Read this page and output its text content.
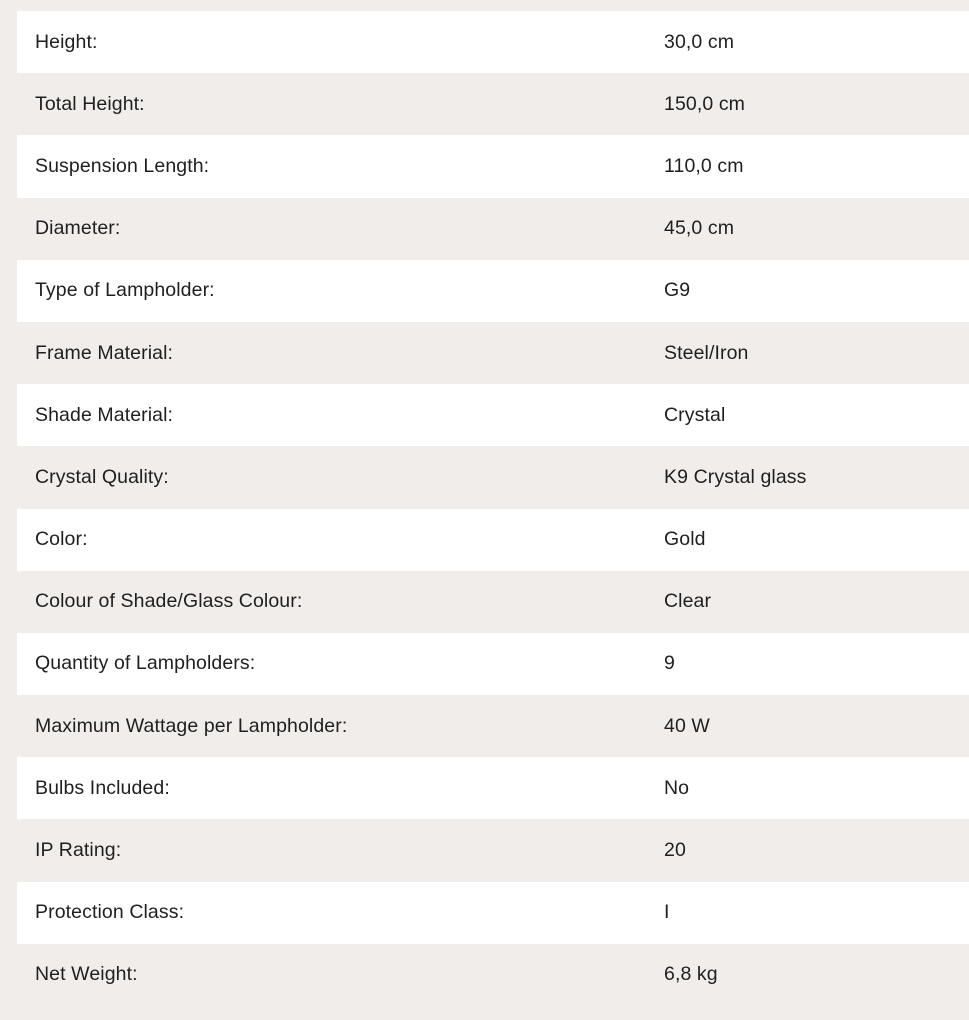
Height:	30,0 cm
Total Height:	150,0 cm
Suspension Length:	110,0 cm
Diameter:	45,0 cm
Type of Lampholder:	G9
Frame Material:	Steel/Iron
Shade Material:	Crystal
Crystal Quality:	K9 Crystal glass
Color:	Gold
Colour of Shade/Glass Colour:	Clear
Quantity of Lampholders:	9
Maximum Wattage per Lampholder:	40 W
Bulbs Included:	No
IP Rating:	20
Protection Class:	I
Net Weight:	6,8 kg
